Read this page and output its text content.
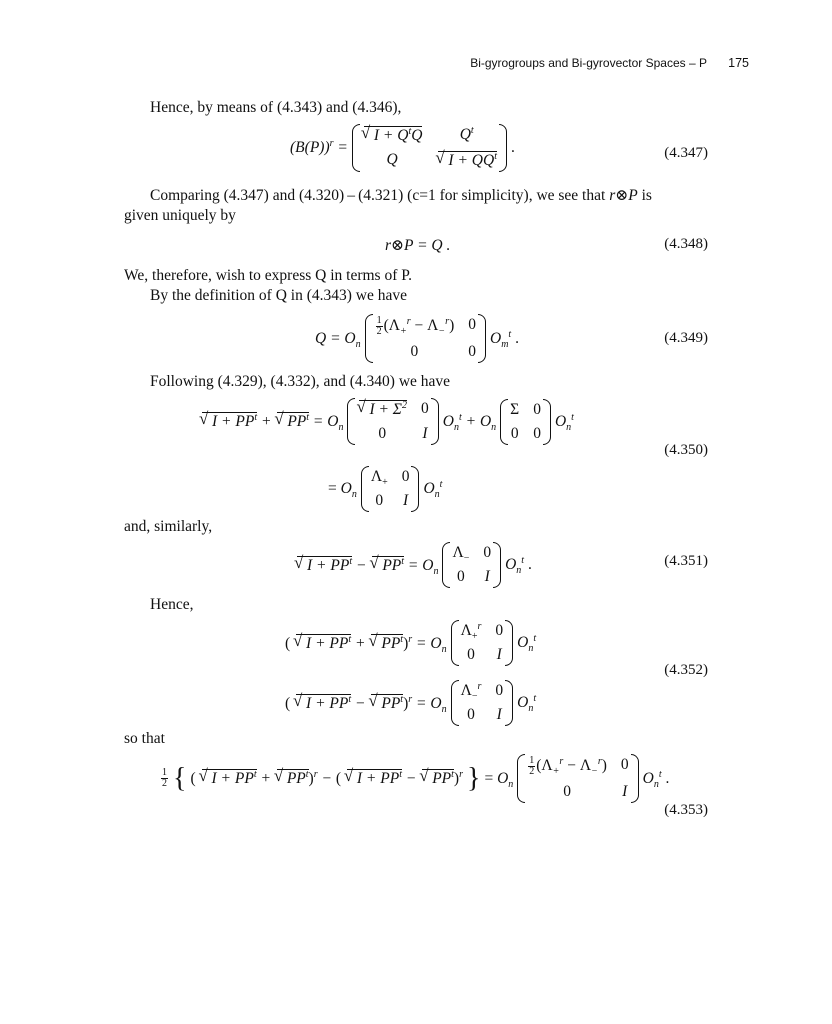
Bi-gyrogroups and Bi-gyrovector Spaces – P 175
Hence, by means of (4.343) and (4.346),
$(B(P))^r$ =
√ $I + Q^tQ$	$Q^t$
Q	√ $I + QQ^t$
.	(4.347)
Comparing (4.347) and (4.320) – (4.321) (c=1 for simplicity), we see that r⊗P is
given uniquely by
r⊗P = Q .	(4.348)
We, therefore, wish to express Q in terms of P.
By the definition of Q in (4.343) we have
$Q = O_n$
$\frac{1}{2} (\Lambda_+^r - \Lambda_-^r)$ 0
0	0
$O_m^t$ .	(4.349)
Following (4.329), (4.332), and (4.340) we have
√ $I + PP^t$ + √ $PP^t = O_n$
√ $I + \Sigma^2$ 0
0	I
$O_n^t + O_n$
Σ 0
0 0
$O_n^t$
(4.350)
= $O_n$
$\Lambda_+$ 0
0 I
$O_n^t$
and, similarly,
√ $I + PP^t$ − √ $PP^t = O_n$
$\Lambda_-$ 0
0 I
$O_n^t$ .	(4.351)
Hence,
( √ $I + PP^t$ + √ $PP^t)^r = O_n$
$\Lambda_+^r$ 0
0	I
$O_n^t$
(4.352)
( √ $I + PP^t$ − √ $PP^t)^r = O_n$
$\Lambda_-^r$ 0
0	I
$O_n^t$
so that
$\frac{1}{2}$ { ( √ $I + PP^t$ + √ $PP^t)^r$ − ( √ $I + PP^t$ − √ $PP^t)^r$ } = $O_n$
$\frac{1}{2} (\Lambda_+^r - \Lambda_-^r)$ 0
0	I
$O_n^t$ .
(4.353)
